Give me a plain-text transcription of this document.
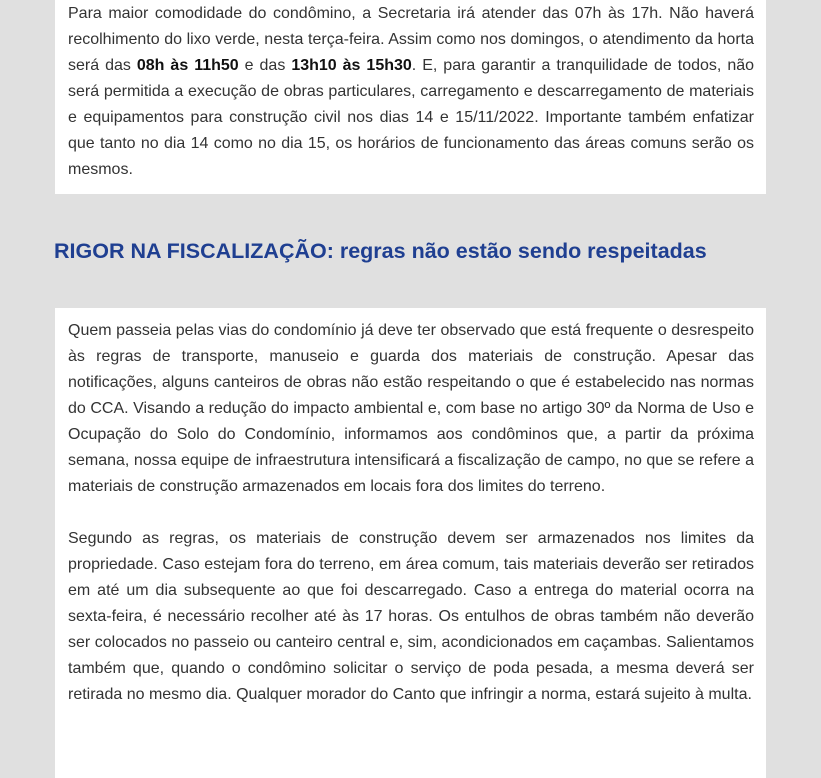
Para maior comodidade do condômino, a Secretaria irá atender das 07h às 17h. Não haverá recolhimento do lixo verde, nesta terça-feira. Assim como nos domingos, o atendimento da horta será das 08h às 11h50 e das 13h10 às 15h30. E, para garantir a tranquilidade de todos, não será permitida a execução de obras particulares, carregamento e descarregamento de materiais e equipamentos para construção civil nos dias 14 e 15/11/2022. Importante também enfatizar que tanto no dia 14 como no dia 15, os horários de funcionamento das áreas comuns serão os mesmos.

RIGOR NA FISCALIZAÇÃO: regras não estão sendo respeitadas

Quem passeia pelas vias do condomínio já deve ter observado que está frequente o desrespeito às regras de transporte, manuseio e guarda dos materiais de construção. Apesar das notificações, alguns canteiros de obras não estão respeitando o que é estabelecido nas normas do CCA. Visando a redução do impacto ambiental e, com base no artigo 30º da Norma de Uso e Ocupação do Solo do Condomínio, informamos aos condôminos que, a partir da próxima semana, nossa equipe de infraestrutura intensificará a fiscalização de campo, no que se refere a materiais de construção armazenados em locais fora dos limites do terreno.

Segundo as regras, os materiais de construção devem ser armazenados nos limites da propriedade. Caso estejam fora do terreno, em área comum, tais materiais deverão ser retirados em até um dia subsequente ao que foi descarregado. Caso a entrega do material ocorra na sexta-feira, é necessário recolher até às 17 horas. Os entulhos de obras também não deverão ser colocados no passeio ou canteiro central e, sim, acondicionados em caçambas. Salientamos também que, quando o condômino solicitar o serviço de poda pesada, a mesma deverá ser retirada no mesmo dia. Qualquer morador do Canto que infringir a norma, estará sujeito à multa.
